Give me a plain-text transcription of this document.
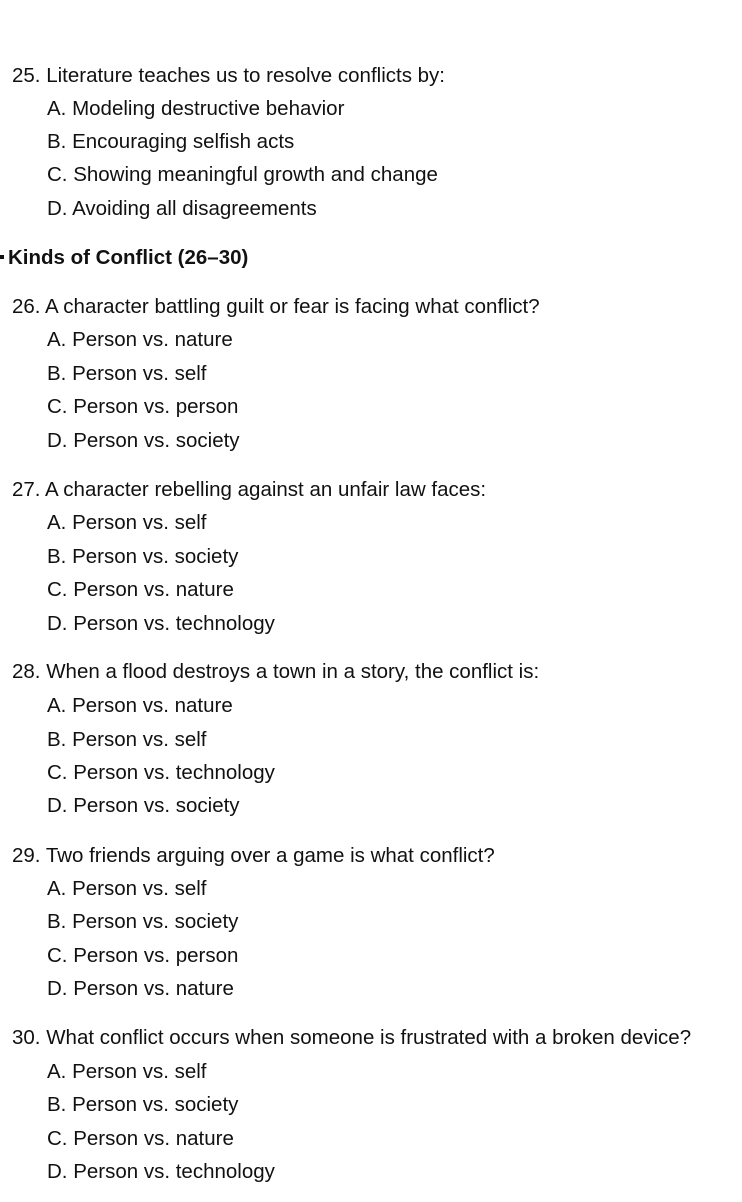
25. Literature teaches us to resolve conflicts by:
A. Modeling destructive behavior
B. Encouraging selfish acts
C. Showing meaningful growth and change
D. Avoiding all disagreements
Kinds of Conflict (26–30)
26. A character battling guilt or fear is facing what conflict?
A. Person vs. nature
B. Person vs. self
C. Person vs. person
D. Person vs. society
27. A character rebelling against an unfair law faces:
A. Person vs. self
B. Person vs. society
C. Person vs. nature
D. Person vs. technology
28. When a flood destroys a town in a story, the conflict is:
A. Person vs. nature
B. Person vs. self
C. Person vs. technology
D. Person vs. society
29. Two friends arguing over a game is what conflict?
A. Person vs. self
B. Person vs. society
C. Person vs. person
D. Person vs. nature
30. What conflict occurs when someone is frustrated with a broken device?
A. Person vs. self
B. Person vs. society
C. Person vs. nature
D. Person vs. technology
